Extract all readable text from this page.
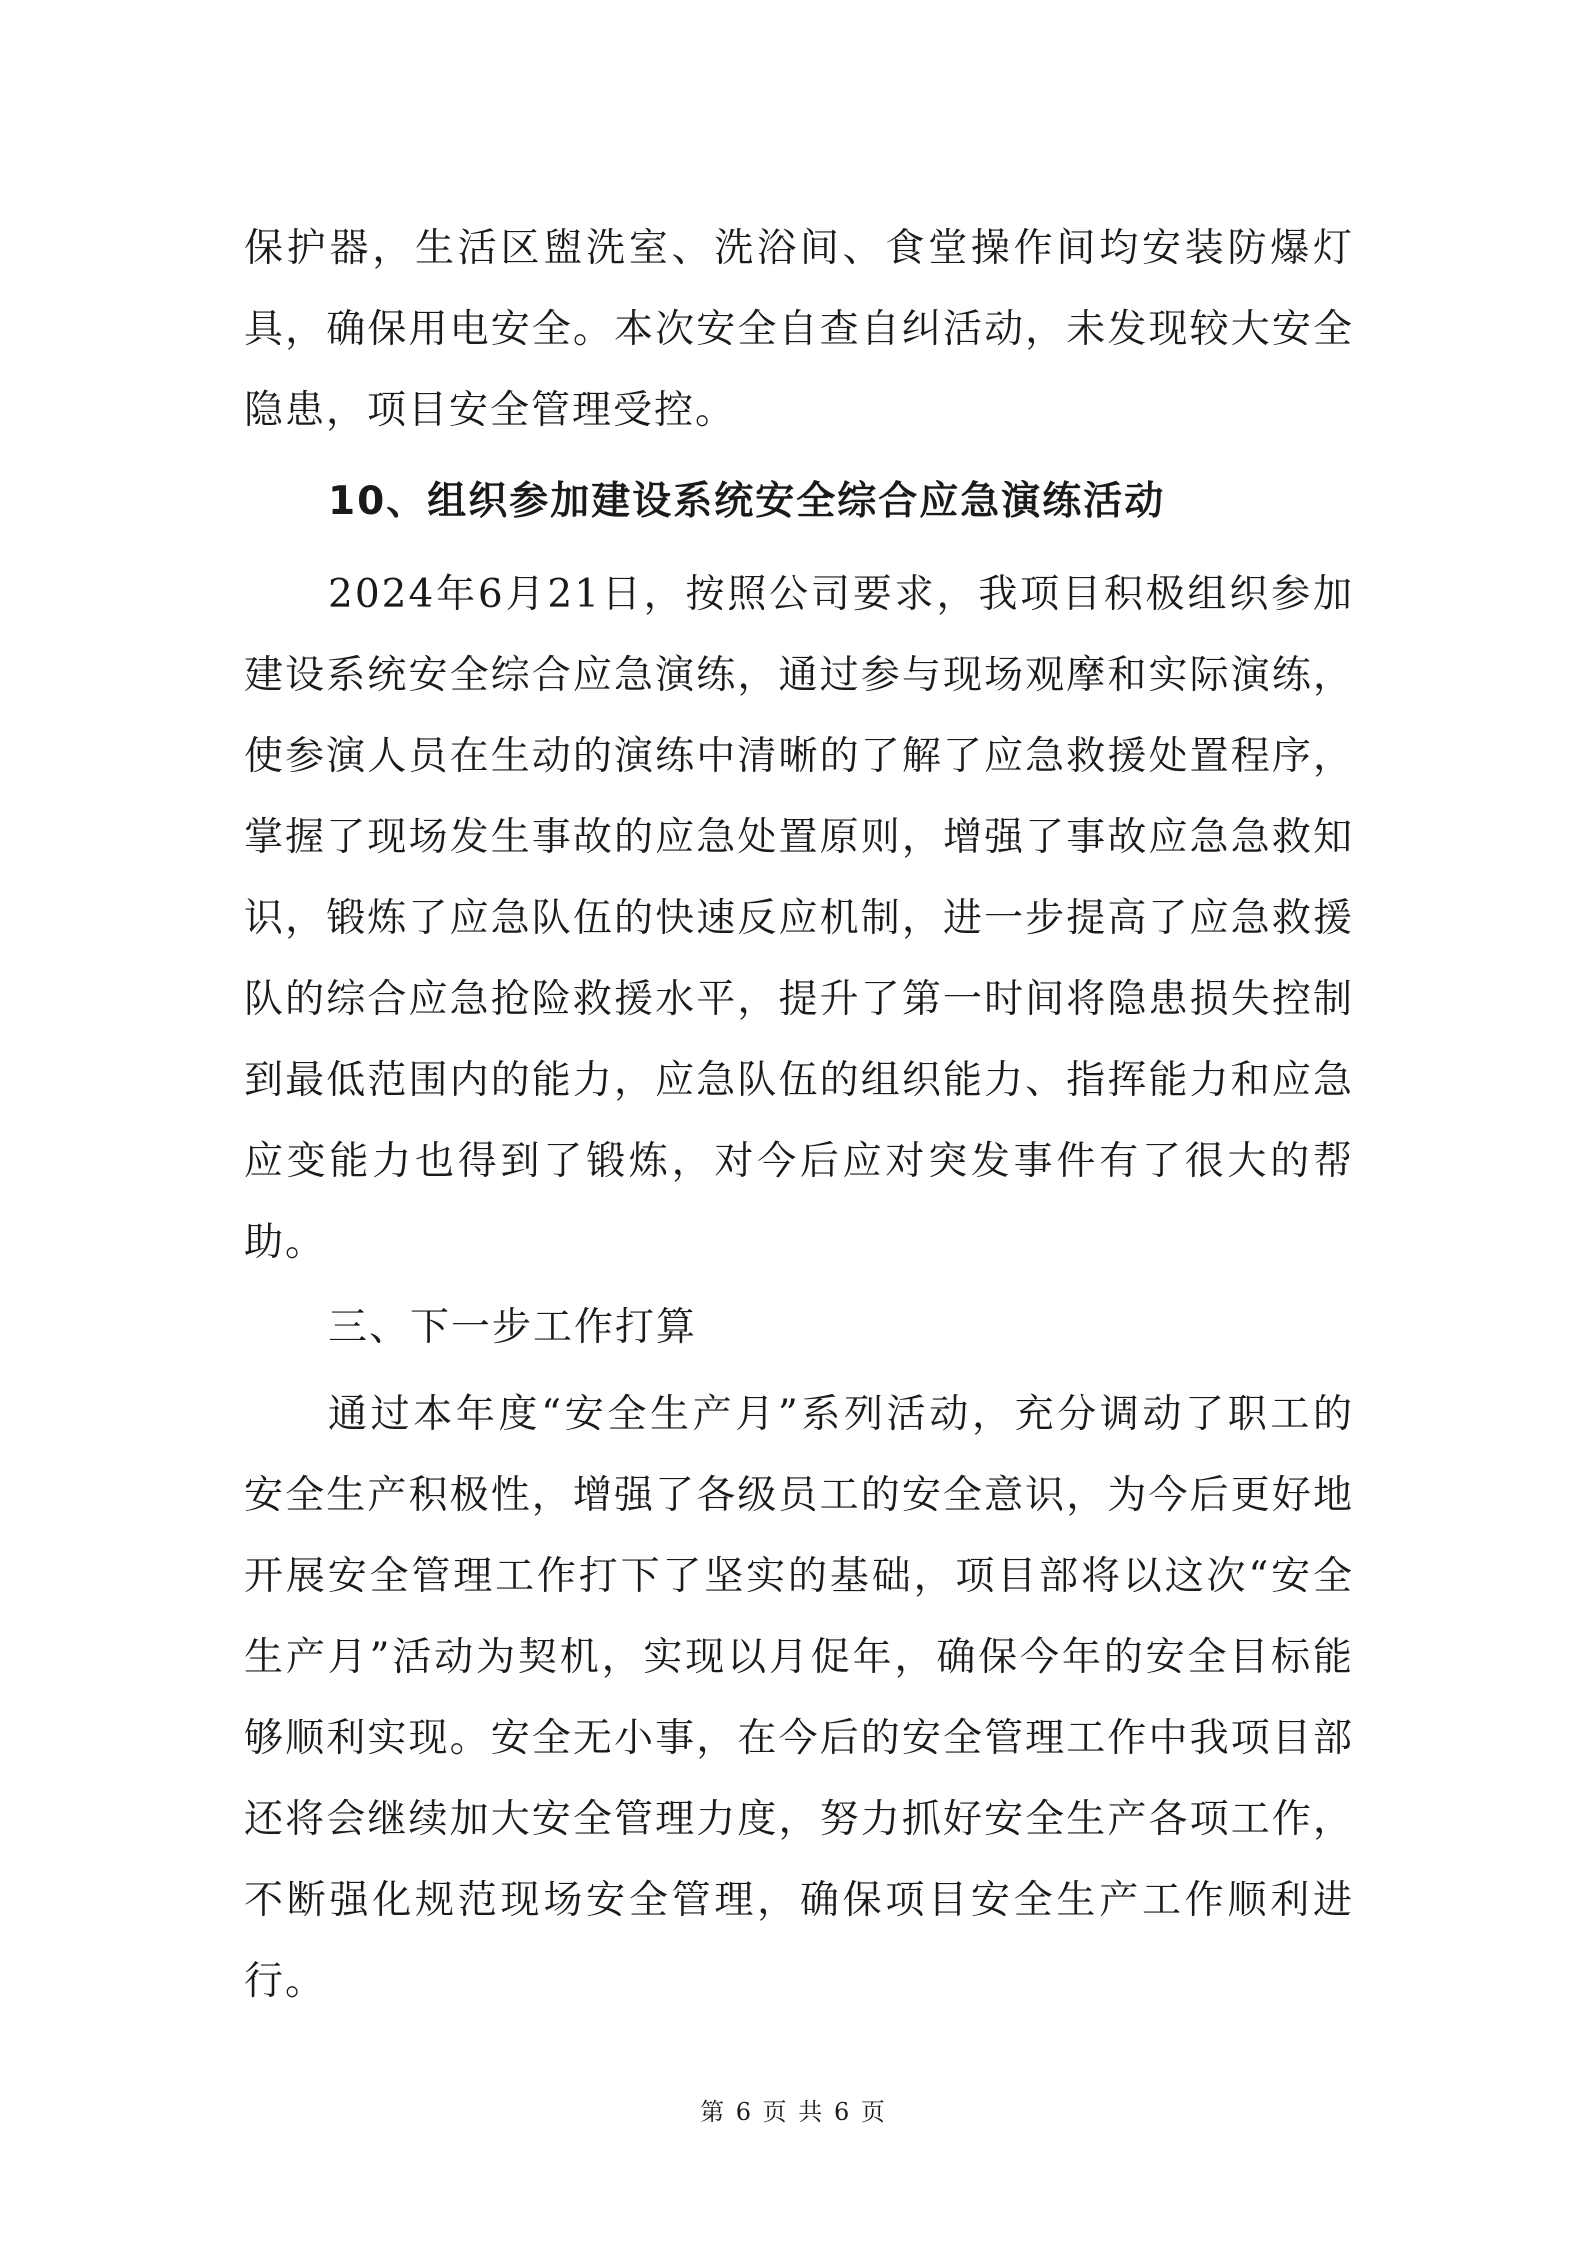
保护器，生活区盥洗室、洗浴间、食堂操作间均安装防爆灯具，确保用电安全。本次安全自查自纠活动，未发现较大安全隐患，项目安全管理受控。

10、组织参加建设系统安全综合应急演练活动

2024年6月21日，按照公司要求，我项目积极组织参加建设系统安全综合应急演练，通过参与现场观摩和实际演练，使参演人员在生动的演练中清晰的了解了应急救援处置程序，掌握了现场发生事故的应急处置原则，增强了事故应急急救知识，锻炼了应急队伍的快速反应机制，进一步提高了应急救援队的综合应急抢险救援水平，提升了第一时间将隐患损失控制到最低范围内的能力，应急队伍的组织能力、指挥能力和应急应变能力也得到了锻炼，对今后应对突发事件有了很大的帮助。

三、下一步工作打算

通过本年度“安全生产月”系列活动，充分调动了职工的安全生产积极性，增强了各级员工的安全意识，为今后更好地开展安全管理工作打下了坚实的基础，项目部将以这次“安全生产月”活动为契机，实现以月促年，确保今年的安全目标能够顺利实现。安全无小事，在今后的安全管理工作中我项目部还将会继续加大安全管理力度，努力抓好安全生产各项工作，不断强化规范现场安全管理，确保项目安全生产工作顺利进行。

第 6 页 共 6 页
